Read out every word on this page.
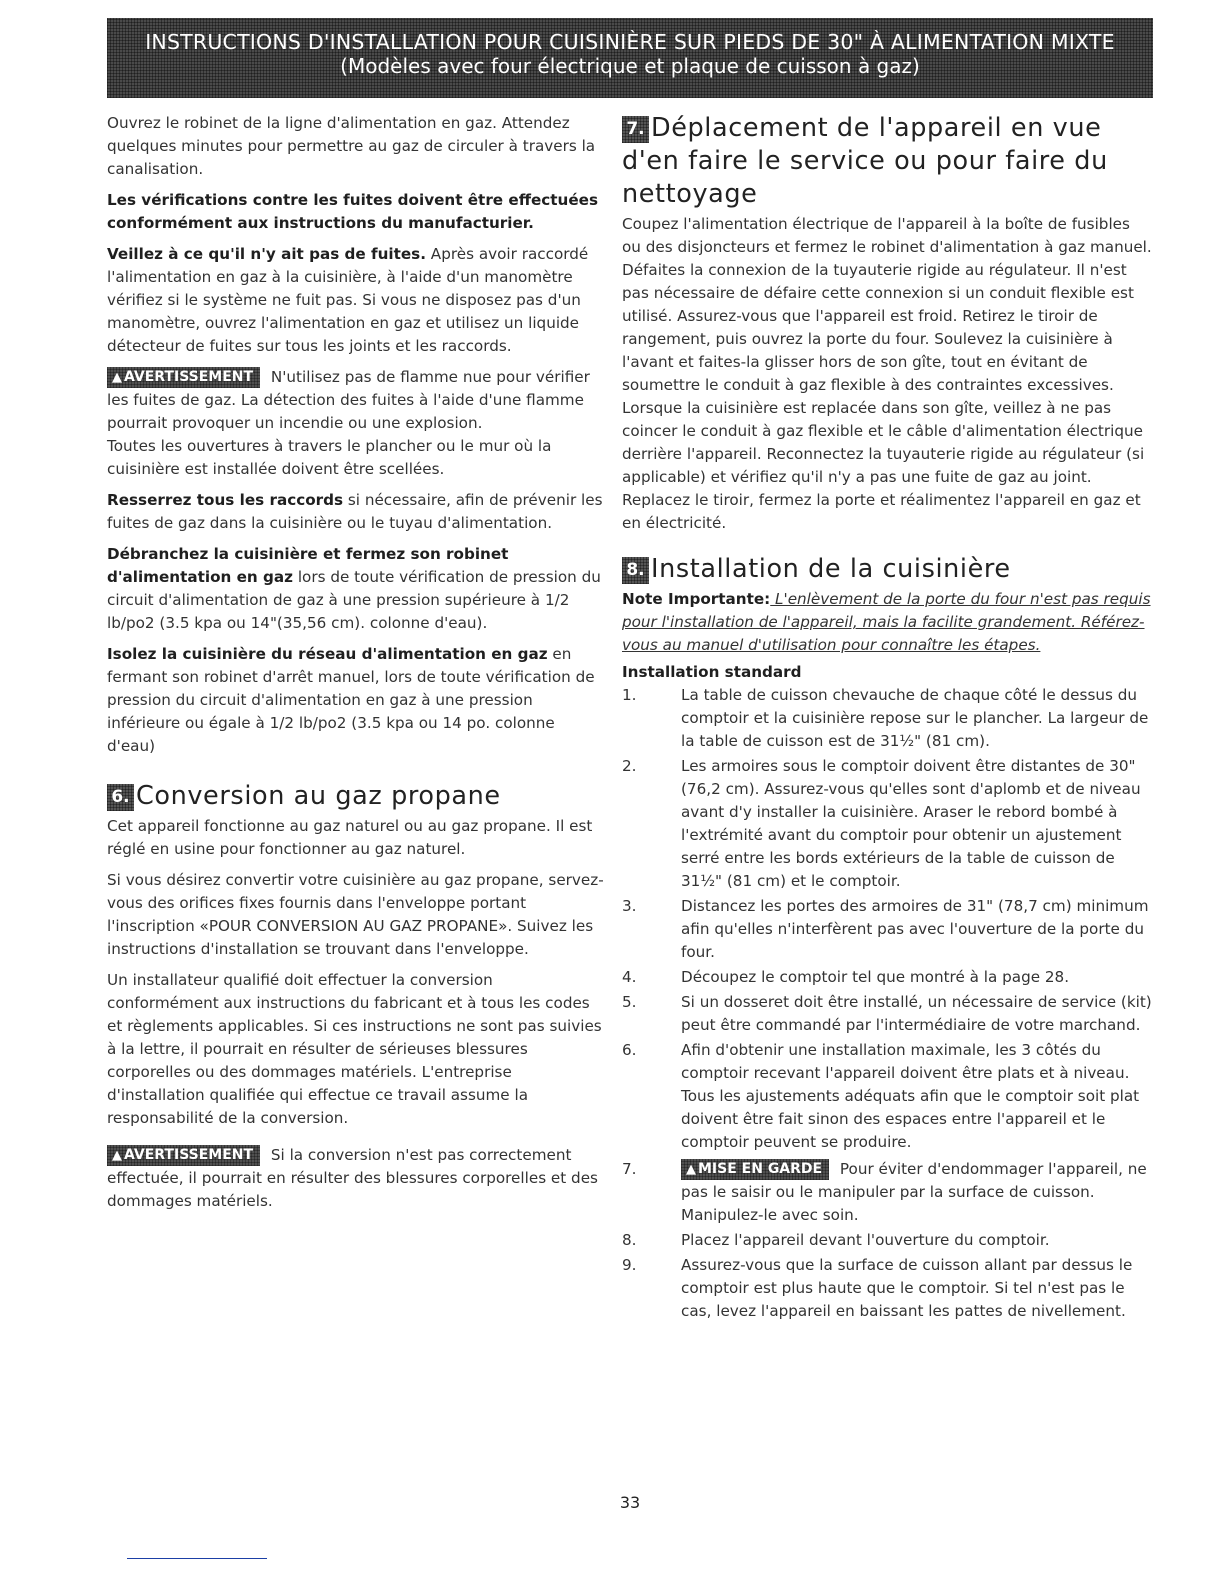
INSTRUCTIONS D'INSTALLATION POUR CUISINIÈRE SUR PIEDS DE 30" À ALIMENTATION MIXTE
(Modèles avec four électrique et plaque de cuisson à gaz)

Ouvrez le robinet de la ligne d'alimentation en gaz. Attendez quelques minutes pour permettre au gaz de circuler à travers la canalisation.

Les vérifications contre les fuites doivent être effectuées conformément aux instructions du manufacturier.

Veillez à ce qu'il n'y ait pas de fuites. Après avoir raccordé l'alimentation en gaz à la cuisinière, à l'aide d'un manomètre vérifiez si le système ne fuit pas. Si vous ne disposez pas d'un manomètre, ouvrez l'alimentation en gaz et utilisez un liquide détecteur de fuites sur tous les joints et les raccords.

▲ AVERTISSEMENT N'utilisez pas de flamme nue pour vérifier les fuites de gaz. La détection des fuites à l'aide d'une flamme pourrait provoquer un incendie ou une explosion.

Toutes les ouvertures à travers le plancher ou le mur où la cuisinière est installée doivent être scellées.

Resserrez tous les raccords si nécessaire, afin de prévenir les fuites de gaz dans la cuisinière ou le tuyau d'alimentation.

Débranchez la cuisinière et fermez son robinet d'alimentation en gaz lors de toute vérification de pression du circuit d'alimentation de gaz à une pression supérieure à 1/2 lb/po2 (3.5 kpa ou 14"(35,56 cm). colonne d'eau).

Isolez la cuisinière du réseau d'alimentation en gaz en fermant son robinet d'arrêt manuel, lors de toute vérification de pression du circuit d'alimentation en gaz à une pression inférieure ou égale à 1/2 lb/po2 (3.5 kpa ou 14 po. colonne d'eau)

6. Conversion au gaz propane

Cet appareil fonctionne au gaz naturel ou au gaz propane. Il est réglé en usine pour fonctionner au gaz naturel.

Si vous désirez convertir votre cuisinière au gaz propane, servez-vous des orifices fixes fournis dans l'enveloppe portant l'inscription «POUR CONVERSION AU GAZ PROPANE». Suivez les instructions d'installation se trouvant dans l'enveloppe.

Un installateur qualifié doit effectuer la conversion conformément aux instructions du fabricant et à tous les codes et règlements applicables. Si ces instructions ne sont pas suivies à la lettre, il pourrait en résulter de sérieuses blessures corporelles ou des dommages matériels. L'entreprise d'installation qualifiée qui effectue ce travail assume la responsabilité de la conversion.

▲ AVERTISSEMENT Si la conversion n'est pas correctement effectuée, il pourrait en résulter des blessures corporelles et des dommages matériels.

7. Déplacement de l'appareil en vue d'en faire le service ou pour faire du nettoyage

Coupez l'alimentation électrique de l'appareil à la boîte de fusibles ou des disjoncteurs et fermez le robinet d'alimentation à gaz manuel. Défaites la connexion de la tuyauterie rigide au régulateur. Il n'est pas nécessaire de défaire cette connexion si un conduit flexible est utilisé. Assurez-vous que l'appareil est froid. Retirez le tiroir de rangement, puis ouvrez la porte du four. Soulevez la cuisinière à l'avant et faites-la glisser hors de son gîte, tout en évitant de soumettre le conduit à gaz flexible à des contraintes excessives. Lorsque la cuisinière est replacée dans son gîte, veillez à ne pas coincer le conduit à gaz flexible et le câble d'alimentation électrique derrière l'appareil. Reconnectez la tuyauterie rigide au régulateur (si applicable) et vérifiez qu'il n'y a pas une fuite de gaz au joint. Replacez le tiroir, fermez la porte et réalimentez l'appareil en gaz et en électricité.

8. Installation de la cuisinière

Note Importante: L'enlèvement de la porte du four n'est pas requis pour l'installation de l'appareil, mais la facilite grandement. Référez-vous au manuel d'utilisation pour connaître les étapes.

Installation standard
1.	La table de cuisson chevauche de chaque côté le dessus du comptoir et la cuisinière repose sur le plancher. La largeur de la table de cuisson est de 31½" (81 cm).
2.	Les armoires sous le comptoir doivent être distantes de 30" (76,2 cm). Assurez-vous qu'elles sont d'aplomb et de niveau avant d'y installer la cuisinière. Araser le rebord bombé à l'extrémité avant du comptoir pour obtenir un ajustement serré entre les bords extérieurs de la table de cuisson de 31½" (81 cm) et le comptoir.
3.	Distancez les portes des armoires de 31" (78,7 cm) minimum afin qu'elles n'interfèrent pas avec l'ouverture de la porte du four.
4.	Découpez le comptoir tel que montré à la page 28.
5.	Si un dosseret doit être installé, un nécessaire de service (kit) peut être commandé par l'intermédiaire de votre marchand.
6.	Afin d'obtenir une installation maximale, les 3 côtés du comptoir recevant l'appareil doivent être plats et à niveau. Tous les ajustements adéquats afin que le comptoir soit plat doivent être fait sinon des espaces entre l'appareil et le comptoir peuvent se produire.
7.	▲ MISE EN GARDE Pour éviter d'endommager l'appareil, ne pas le saisir ou le manipuler par la surface de cuisson. Manipulez-le avec soin.
8.	Placez l'appareil devant l'ouverture du comptoir.
9.	Assurez-vous que la surface de cuisson allant par dessus le comptoir est plus haute que le comptoir. Si tel n'est pas le cas, levez l'appareil en baissant les pattes de nivellement.
33
